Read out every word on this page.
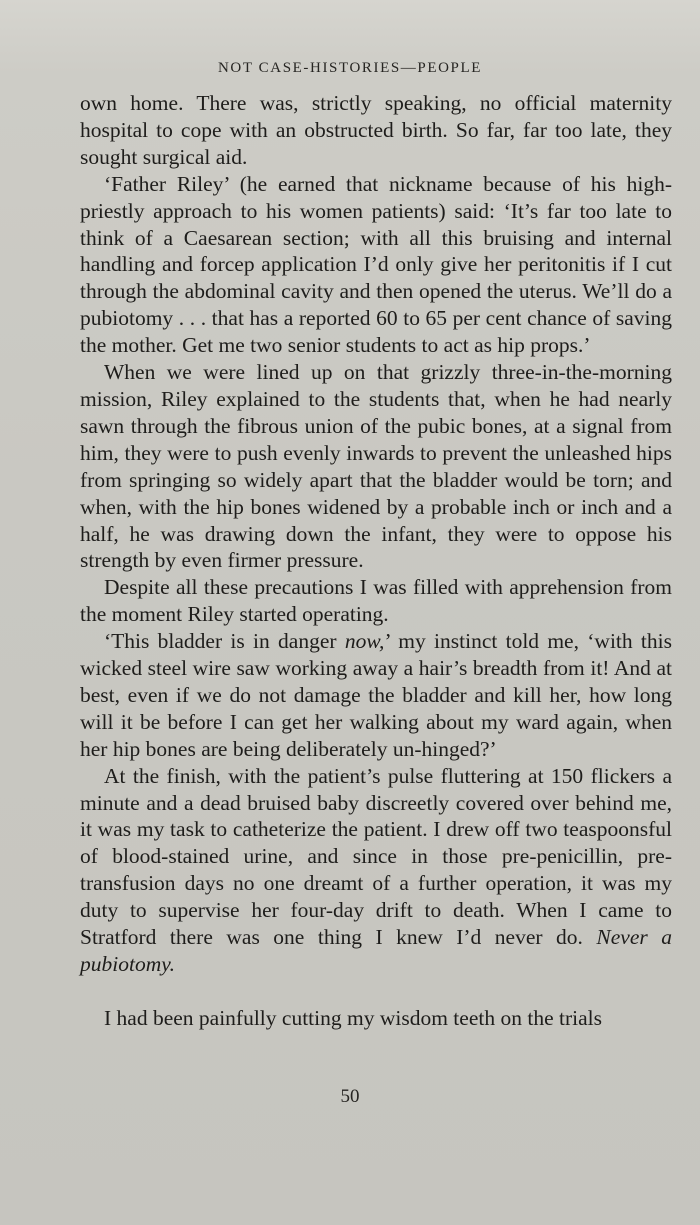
NOT CASE-HISTORIES—PEOPLE

own home. There was, strictly speaking, no official maternity hospital to cope with an obstructed birth. So far, far too late, they sought surgical aid.

‘Father Riley’ (he earned that nickname because of his high-priestly approach to his women patients) said: ‘It’s far too late to think of a Caesarean section; with all this bruising and internal handling and forcep application I’d only give her peritonitis if I cut through the abdominal cavity and then opened the uterus. We’ll do a pubiotomy . . . that has a reported 60 to 65 per cent chance of saving the mother. Get me two senior students to act as hip props.’

When we were lined up on that grizzly three-in-the-morning mission, Riley explained to the students that, when he had nearly sawn through the fibrous union of the pubic bones, at a signal from him, they were to push evenly inwards to prevent the unleashed hips from springing so widely apart that the bladder would be torn; and when, with the hip bones widened by a probable inch or inch and a half, he was drawing down the infant, they were to oppose his strength by even firmer pressure.

Despite all these precautions I was filled with apprehension from the moment Riley started operating.

‘This bladder is in danger now,’ my instinct told me, ‘with this wicked steel wire saw working away a hair’s breadth from it! And at best, even if we do not damage the bladder and kill her, how long will it be before I can get her walking about my ward again, when her hip bones are being deliberately un-hinged?’

At the finish, with the patient’s pulse fluttering at 150 flickers a minute and a dead bruised baby discreetly covered over behind me, it was my task to catheterize the patient. I drew off two teaspoonsful of blood-stained urine, and since in those pre-penicillin, pre-transfusion days no one dreamt of a further operation, it was my duty to supervise her four-day drift to death. When I came to Stratford there was one thing I knew I’d never do. Never a pubiotomy.

I had been painfully cutting my wisdom teeth on the trials

50
